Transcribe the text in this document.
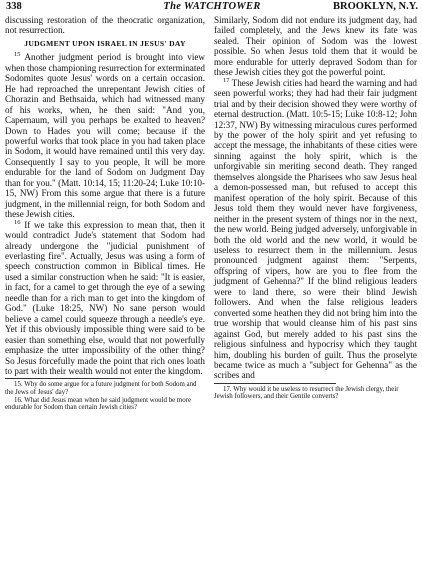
338	The WATCHTOWER	BROOKLYN, N.Y.

discussing restoration of the theocratic organization, not resurrection.

JUDGMENT UPON ISRAEL IN JESUS' DAY

$^{15}$ Another judgment period is brought into view when those championing resurrection for exterminated Sodomites quote Jesus' words on a certain occasion. He had reproached the unrepentant Jewish cities of Chorazin and Bethsaida, which had witnessed many of his works, when, he then said: "And you, Capernaum, will you perhaps be exalted to heaven? Down to Hades you will come; because if the powerful works that took place in you had taken place in Sodom, it would have remained until this very day. Consequently I say to you people, It will be more endurable for the land of Sodom on Judgment Day than for you." (Matt. 10:14, 15; 11:20-24; Luke 10:10-15, NW) From this some argue that there is a future judgment, in the millennial reign, for both Sodom and these Jewish cities.

$^{16}$ If we take this expression to mean that, then it would contradict Jude's statement that Sodom had already undergone the "judicial punishment of everlasting fire". Actually, Jesus was using a form of speech construction common in Biblical times. He used a similar construction when he said: "It is easier, in fact, for a camel to get through the eye of a sewing needle than for a rich man to get into the kingdom of God." (Luke 18:25, NW) No sane person would believe a camel could squeeze through a needle's eye. Yet if this obviously impossible thing were said to be easier than something else, would that not powerfully emphasize the utter impossibility of the other thing? So Jesus forcefully made the point that rich ones loath to part with their wealth would not enter the kingdom.

15. Why do some argue for a future judgment for both Sodom and the Jews of Jesus' day?

16. What did Jesus mean when he said judgment would be more endurable for Sodom than certain Jewish cities?

Similarly, Sodom did not endure its judgment day, had failed completely, and the Jews knew its fate was sealed. Their opinion of Sodom was the lowest possible. So when Jesus told them that it would be more endurable for utterly depraved Sodom than for these Jewish cities they got the powerful point.

$^{17}$ These Jewish cities had heard the warning and had seen powerful works; they had had their fair judgment trial and by their decision showed they were worthy of eternal destruction. (Matt. 10:5-15; Luke 10:8-12; John 12:37, NW) By witnessing miraculous cures performed by the power of the holy spirit and yet refusing to accept the message, the inhabitants of these cities were sinning against the holy spirit, which is the unforgivable sin meriting second death. They ranged themselves alongside the Pharisees who saw Jesus heal a demon-possessed man, but refused to accept this manifest operation of the holy spirit. Because of this Jesus told them they would never have forgiveness, neither in the present system of things nor in the next, the new world. Being judged adversely, unforgivable in both the old world and the new world, it would be useless to resurrect them in the millennium. Jesus pronounced judgment against them: "Serpents, offspring of vipers, how are you to flee from the judgment of Gehenna?" If the blind religious leaders were to land there, so were their blind Jewish followers. And when the false religious leaders converted some heathen they did not bring him into the true worship that would cleanse him of his past sins against God, but merely added to his past sins the religious sinfulness and hypocrisy which they taught him, doubling his burden of guilt. Thus the proselyte became twice as much a "subject for Gehenna" as the scribes and

17. Why would it be useless to resurrect the Jewish clergy, their Jewish followers, and their Gentile converts?
